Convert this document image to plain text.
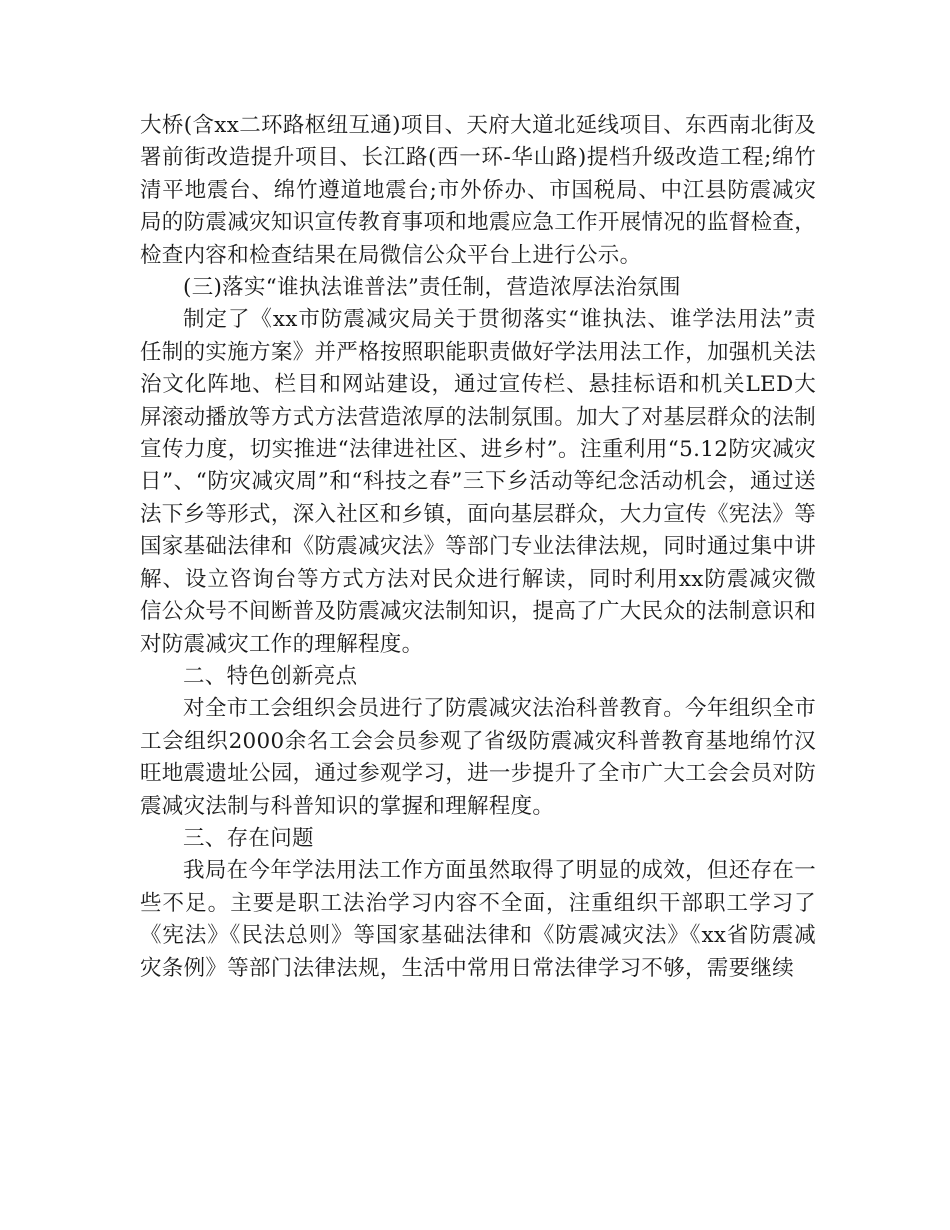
大桥(含xx二环路枢纽互通)项目、天府大道北延线项目、东西南北街及署前街改造提升项目、长江路(西一环-华山路)提档升级改造工程;绵竹清平地震台、绵竹遵道地震台;市外侨办、市国税局、中江县防震减灾局的防震减灾知识宣传教育事项和地震应急工作开展情况的监督检查，检查内容和检查结果在局微信公众平台上进行公示。

(三)落实“谁执法谁普法”责任制，营造浓厚法治氛围

制定了《xx市防震减灾局关于贯彻落实“谁执法、谁学法用法”责任制的实施方案》并严格按照职能职责做好学法用法工作，加强机关法治文化阵地、栏目和网站建设，通过宣传栏、悬挂标语和机关LED大屏滚动播放等方式方法营造浓厚的法制氛围。加大了对基层群众的法制宣传力度，切实推进“法律进社区、进乡村”。注重利用“5.12防灾减灾日”、“防灾减灾周”和“科技之春”三下乡活动等纪念活动机会，通过送法下乡等形式，深入社区和乡镇，面向基层群众，大力宣传《宪法》等国家基础法律和《防震减灾法》等部门专业法律法规，同时通过集中讲解、设立咨询台等方式方法对民众进行解读，同时利用xx防震减灾微信公众号不间断普及防震减灾法制知识，提高了广大民众的法制意识和对防震减灾工作的理解程度。

二、特色创新亮点

对全市工会组织会员进行了防震减灾法治科普教育。今年组织全市工会组织2000余名工会会员参观了省级防震减灾科普教育基地绵竹汉旺地震遗址公园，通过参观学习，进一步提升了全市广大工会会员对防震减灾法制与科普知识的掌握和理解程度。

三、存在问题

我局在今年学法用法工作方面虽然取得了明显的成效，但还存在一些不足。主要是职工法治学习内容不全面，注重组织干部职工学习了《宪法》《民法总则》等国家基础法律和《防震减灾法》《xx省防震减灾条例》等部门法律法规，生活中常用日常法律学习不够，需要继续
